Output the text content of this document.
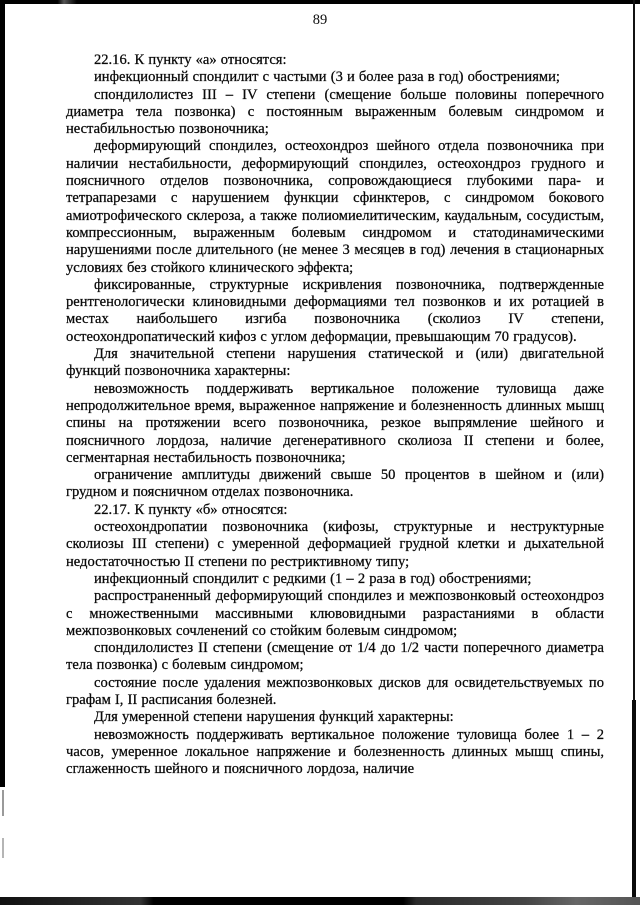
89

22.16. К пункту «а» относятся:

инфекционный спондилит с частыми (3 и более раза в год) обострениями;

спондилолистез III – IV степени (смещение больше половины поперечного диаметра тела позвонка) с постоянным выраженным болевым синдромом и нестабильностью позвоночника;

деформирующий спондилез, остеохондроз шейного отдела позвоночника при наличии нестабильности, деформирующий спондилез, остеохондроз грудного и поясничного отделов позвоночника, сопровождающиеся глубокими пара- и тетрапарезами с нарушением функции сфинктеров, с синдромом бокового амиотрофического склероза, а также полиомиелитическим, каудальным, сосудистым, компрессионным, выраженным болевым синдромом и статодинамическими нарушениями после длительного (не менее 3 месяцев в год) лечения в стационарных условиях без стойкого клинического эффекта;

фиксированные, структурные искривления позвоночника, подтвержденные рентгенологически клиновидными деформациями тел позвонков и их ротацией в местах наибольшего изгиба позвоночника (сколиоз IV степени, остеохондропатический кифоз с углом деформации, превышающим 70 градусов).

Для значительной степени нарушения статической и (или) двигательной функций позвоночника характерны:

невозможность поддерживать вертикальное положение туловища даже непродолжительное время, выраженное напряжение и болезненность длинных мышц спины на протяжении всего позвоночника, резкое выпрямление шейного и поясничного лордоза, наличие дегенеративного сколиоза II степени и более, сегментарная нестабильность позвоночника;

ограничение амплитуды движений свыше 50 процентов в шейном и (или) грудном и поясничном отделах позвоночника.

22.17. К пункту «б» относятся:

остеохондропатии позвоночника (кифозы, структурные и неструктурные сколиозы III степени) с умеренной деформацией грудной клетки и дыхательной недостаточностью II степени по рестриктивному типу;

инфекционный спондилит с редкими (1 – 2 раза в год) обострениями;

распространенный деформирующий спондилез и межпозвонковый остеохондроз с множественными массивными клювовидными разрастаниями в области межпозвонковых сочленений со стойким болевым синдромом;

спондилолистез II степени (смещение от 1/4 до 1/2 части поперечного диаметра тела позвонка) с болевым синдромом;

состояние после удаления межпозвонковых дисков для освидетельствуемых по графам I, II расписания болезней.

Для умеренной степени нарушения функций характерны:

невозможность поддерживать вертикальное положение туловища более 1 – 2 часов, умеренное локальное напряжение и болезненность длинных мышц спины, сглаженность шейного и поясничного лордоза, наличие
